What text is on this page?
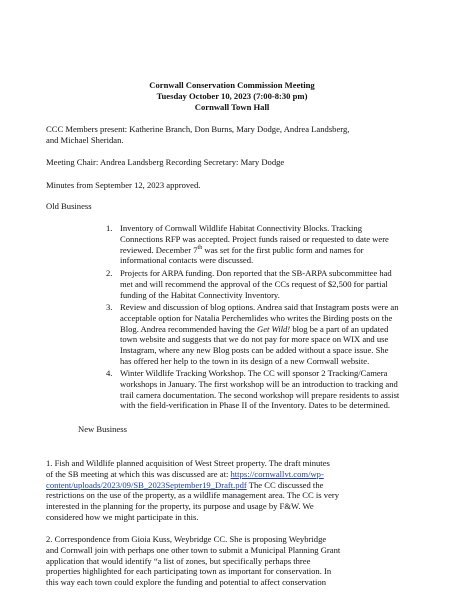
Cornwall Conservation Commission Meeting
Tuesday October 10, 2023 (7:00-8:30 pm)
Cornwall Town Hall
CCC Members present: Katherine Branch, Don Burns, Mary Dodge, Andrea Landsberg,
and Michael Sheridan.
Meeting Chair: Andrea Landsberg Recording Secretary: Mary Dodge
Minutes from September 12, 2023 approved.
Old Business
1. Inventory of Cornwall Wildlife Habitat Connectivity Blocks. Tracking
Connections RFP was accepted. Project funds raised or requested to date were
reviewed. December 7th was set for the first public form and names for
informational contacts were discussed.
2. Projects for ARPA funding. Don reported that the SB-ARPA subcommittee had
met and will recommend the approval of the CCs request of $2,500 for partial
funding of the Habitat Connectivity Inventory.
3. Review and discussion of blog options. Andrea said that Instagram posts were an
acceptable option for Natalia Perchemlides who writes the Birding posts on the
Blog. Andrea recommended having the Get Wild! blog be a part of an updated
town website and suggests that we do not pay for more space on WIX and use
Instagram, where any new Blog posts can be added without a space issue. She
has offered her help to the town in its design of a new Cornwall website.
4. Winter Wildlife Tracking Workshop. The CC will sponsor 2 Tracking/Camera
workshops in January. The first workshop will be an introduction to tracking and
trail camera documentation. The second workshop will prepare residents to assist
with the field-verification in Phase II of the Inventory. Dates to be determined.
New Business
1. Fish and Wildlife planned acquisition of West Street property. The draft minutes
of the SB meeting at which this was discussed are at: https://cornwallvt.com/wp-
content/uploads/2023/09/SB_2023September19_Draft.pdf The CC discussed the
restrictions on the use of the property, as a wildlife management area. The CC is very
interested in the planning for the property, its purpose and usage by F&W. We
considered how we might participate in this.
2. Correspondence from Gioia Kuss, Weybridge CC. She is proposing Weybridge
and Cornwall join with perhaps one other town to submit a Municipal Planning Grant
application that would identify “a list of zones, but specifically perhaps three
properties highlighted for each participating town as important for conservation. In
this way each town could explore the funding and potential to affect conservation
